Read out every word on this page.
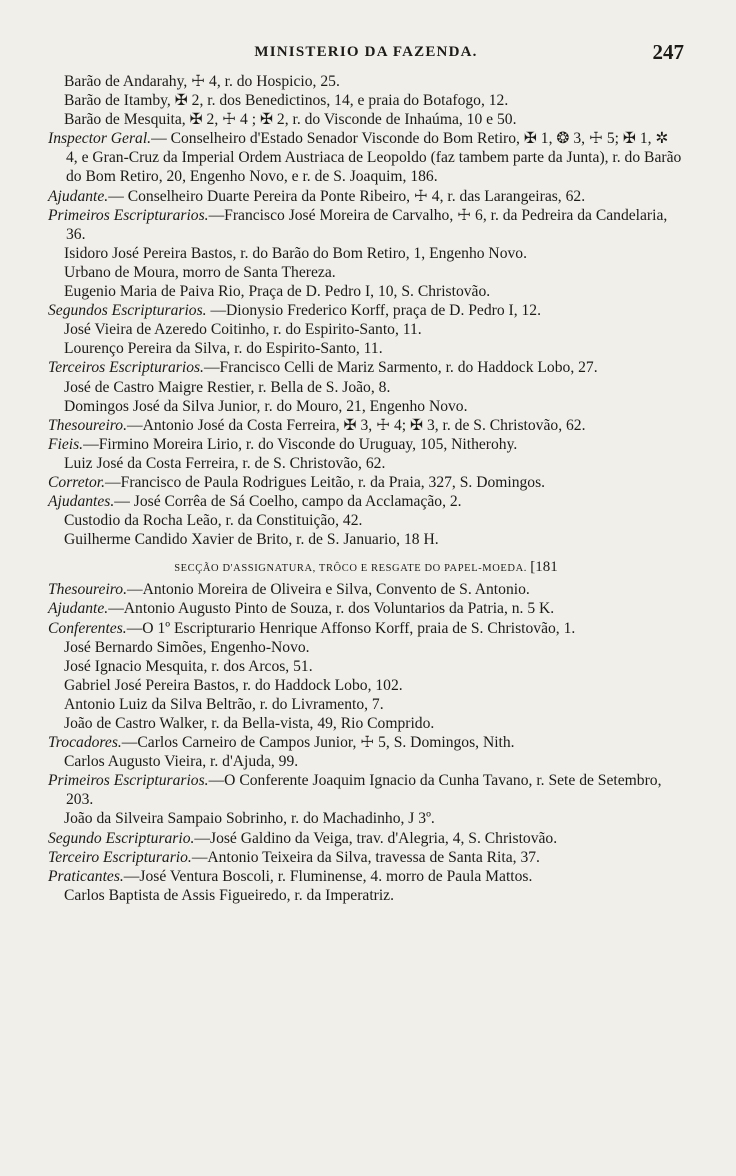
MINISTERIO DA FAZENDA.	247

Barão de Andarahy, ☩ 4, r. do Hospicio, 25.

Barão de Itamby, ✠ 2, r. dos Benedictinos, 14, e praia do Botafogo, 12.

Barão de Mesquita, ✠ 2, ☩ 4 ; ✠ 2, r. do Visconde de Inhaúma, 10 e 50.

Inspector Geral.— Conselheiro d'Estado Senador Visconde do Bom Retiro, ✠ 1, ❂ 3, ☩ 5; ✠ 1, ✲ 4, e Gran-Cruz da Imperial Ordem Austriaca de Leopoldo (faz tambem parte da Junta), r. do Barão do Bom Retiro, 20, Engenho Novo, e r. de S. Joaquim, 186.

Ajudante.— Conselheiro Duarte Pereira da Ponte Ribeiro, ☩ 4, r. das Larangeiras, 62.

Primeiros Escripturarios.—Francisco José Moreira de Carvalho, ☩ 6, r. da Pedreira da Candelaria, 36.

Isidoro José Pereira Bastos, r. do Barão do Bom Retiro, 1, Engenho Novo.

Urbano de Moura, morro de Santa Thereza.

Eugenio Maria de Paiva Rio, Praça de D. Pedro I, 10, S. Christovão.

Segundos Escripturarios. —Dionysio Frederico Korff, praça de D. Pedro I, 12.

José Vieira de Azeredo Coitinho, r. do Espirito-Santo, 11.

Lourenço Pereira da Silva, r. do Espirito-Santo, 11.

Terceiros Escripturarios.—Francisco Celli de Mariz Sarmento, r. do Haddock Lobo, 27.

José de Castro Maigre Restier, r. Bella de S. João, 8.

Domingos José da Silva Junior, r. do Mouro, 21, Engenho Novo.

Thesoureiro.—Antonio José da Costa Ferreira, ✠ 3, ☩ 4; ✠ 3, r. de S. Christovão, 62.

Fieis.—Firmino Moreira Lirio, r. do Visconde do Uruguay, 105, Nitherohy.

Luiz José da Costa Ferreira, r. de S. Christovão, 62.

Corretor.—Francisco de Paula Rodrigues Leitão, r. da Praia, 327, S. Domingos.

Ajudantes.— José Corrêa de Sá Coelho, campo da Acclamação, 2.

Custodio da Rocha Leão, r. da Constituição, 42.

Guilherme Candido Xavier de Brito, r. de S. Januario, 18 H.

SECÇÃO D'ASSIGNATURA, TRÔCO E RESGATE DO PAPEL-MOEDA. [181

Thesoureiro.—Antonio Moreira de Oliveira e Silva, Convento de S. Antonio.

Ajudante.—Antonio Augusto Pinto de Souza, r. dos Voluntarios da Patria, n. 5 K.

Conferentes.—O 1º Escripturario Henrique Affonso Korff, praia de S. Christovão, 1.

José Bernardo Simões, Engenho-Novo.

José Ignacio Mesquita, r. dos Arcos, 51.

Gabriel José Pereira Bastos, r. do Haddock Lobo, 102.

Antonio Luiz da Silva Beltrão, r. do Livramento, 7.

João de Castro Walker, r. da Bella-vista, 49, Rio Comprido.

Trocadores.—Carlos Carneiro de Campos Junior, ☩ 5, S. Domingos, Nith.

Carlos Augusto Vieira, r. d'Ajuda, 99.

Primeiros Escripturarios.—O Conferente Joaquim Ignacio da Cunha Tavano, r. Sete de Setembro, 203.

João da Silveira Sampaio Sobrinho, r. do Machadinho, J 3º.

Segundo Escripturario.—José Galdino da Veiga, trav. d'Alegria, 4, S. Christovão.

Terceiro Escripturario.—Antonio Teixeira da Silva, travessa de Santa Rita, 37.

Praticantes.—José Ventura Boscoli, r. Fluminense, 4. morro de Paula Mattos.

Carlos Baptista de Assis Figueiredo, r. da Imperatriz.
